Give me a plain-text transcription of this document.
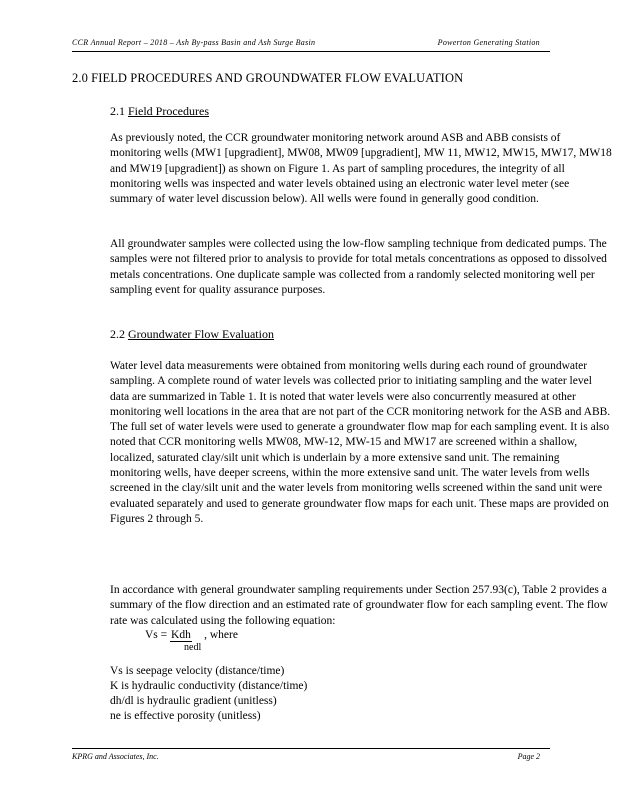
CCR Annual Report – 2018 – Ash By-pass Basin and Ash Surge Basin	Powerton Generating Station
2.0 FIELD PROCEDURES AND GROUNDWATER FLOW EVALUATION
2.1 Field Procedures

As previously noted, the CCR groundwater monitoring network around ASB and ABB consists of monitoring wells (MW1 [upgradient], MW08, MW09 [upgradient], MW 11, MW12, MW15, MW17, MW18 and MW19 [upgradient]) as shown on Figure 1. As part of sampling procedures, the integrity of all monitoring wells was inspected and water levels obtained using an electronic water level meter (see summary of water level discussion below). All wells were found in generally good condition.

All groundwater samples were collected using the low-flow sampling technique from dedicated pumps. The samples were not filtered prior to analysis to provide for total metals concentrations as opposed to dissolved metals concentrations. One duplicate sample was collected from a randomly selected monitoring well per sampling event for quality assurance purposes.

2.2 Groundwater Flow Evaluation

Water level data measurements were obtained from monitoring wells during each round of groundwater sampling. A complete round of water levels was collected prior to initiating sampling and the water level data are summarized in Table 1. It is noted that water levels were also concurrently measured at other monitoring well locations in the area that are not part of the CCR monitoring network for the ASB and ABB. The full set of water levels were used to generate a groundwater flow map for each sampling event. It is also noted that CCR monitoring wells MW08, MW-12, MW-15 and MW17 are screened within a shallow, localized, saturated clay/silt unit which is underlain by a more extensive sand unit. The remaining monitoring wells, have deeper screens, within the more extensive sand unit. The water levels from wells screened in the clay/silt unit and the water levels from monitoring wells screened within the sand unit were evaluated separately and used to generate groundwater flow maps for each unit. These maps are provided on Figures 2 through 5.

In accordance with general groundwater sampling requirements under Section 257.93(c), Table 2 provides a summary of the flow direction and an estimated rate of groundwater flow for each sampling event. The flow rate was calculated using the following equation:

$Vs = \frac{\text{Kdh}}{\text{nedl}}$ , where
Vs is seepage velocity (distance/time)
K is hydraulic conductivity (distance/time)
dh/dl is hydraulic gradient (unitless)
ne is effective porosity (unitless)
KPRG and Associates, Inc.	Page 2
